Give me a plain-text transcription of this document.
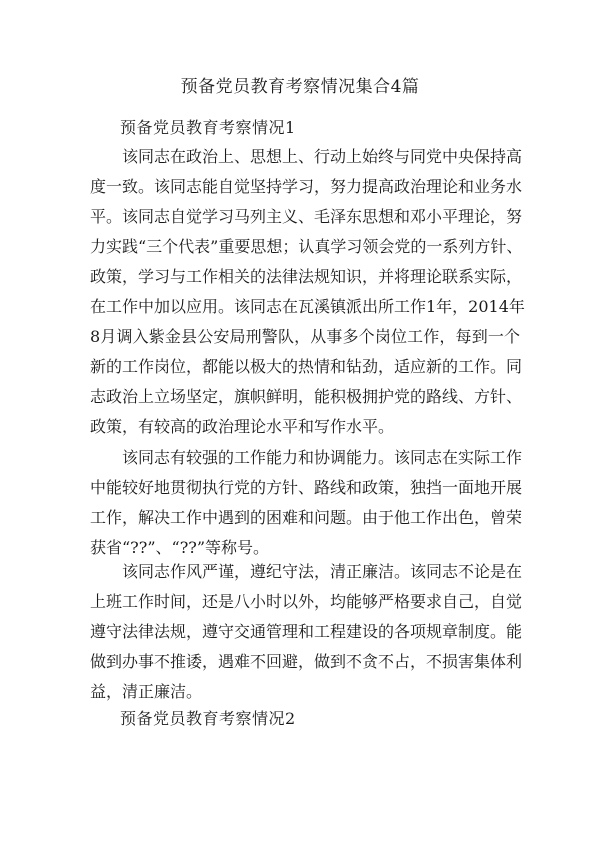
预备党员教育考察情况集合4篇
预备党员教育考察情况1
该同志在政治上、思想上、行动上始终与同党中央保持高
度一致。该同志能自觉坚持学习，努力提高政治理论和业务水
平。该同志自觉学习马列主义、毛泽东思想和邓小平理论，努
力实践“三个代表”重要思想；认真学习领会党的一系列方针、
政策，学习与工作相关的法律法规知识，并将理论联系实际，
在工作中加以应用。该同志在瓦溪镇派出所工作1年，2014年
8月调入紫金县公安局刑警队，从事多个岗位工作，每到一个
新的工作岗位，都能以极大的热情和钻劲，适应新的工作。同
志政治上立场坚定，旗帜鲜明，能积极拥护党的路线、方针、
政策，有较高的政治理论水平和写作水平。
该同志有较强的工作能力和协调能力。该同志在实际工作
中能较好地贯彻执行党的方针、路线和政策，独挡一面地开展
工作，解决工作中遇到的困难和问题。由于他工作出色，曾荣
获省“??”、“??”等称号。
该同志作风严谨，遵纪守法，清正廉洁。该同志不论是在
上班工作时间，还是八小时以外，均能够严格要求自己，自觉
遵守法律法规，遵守交通管理和工程建设的各项规章制度。能
做到办事不推诿，遇难不回避，做到不贪不占，不损害集体利
益，清正廉洁。
预备党员教育考察情况2
